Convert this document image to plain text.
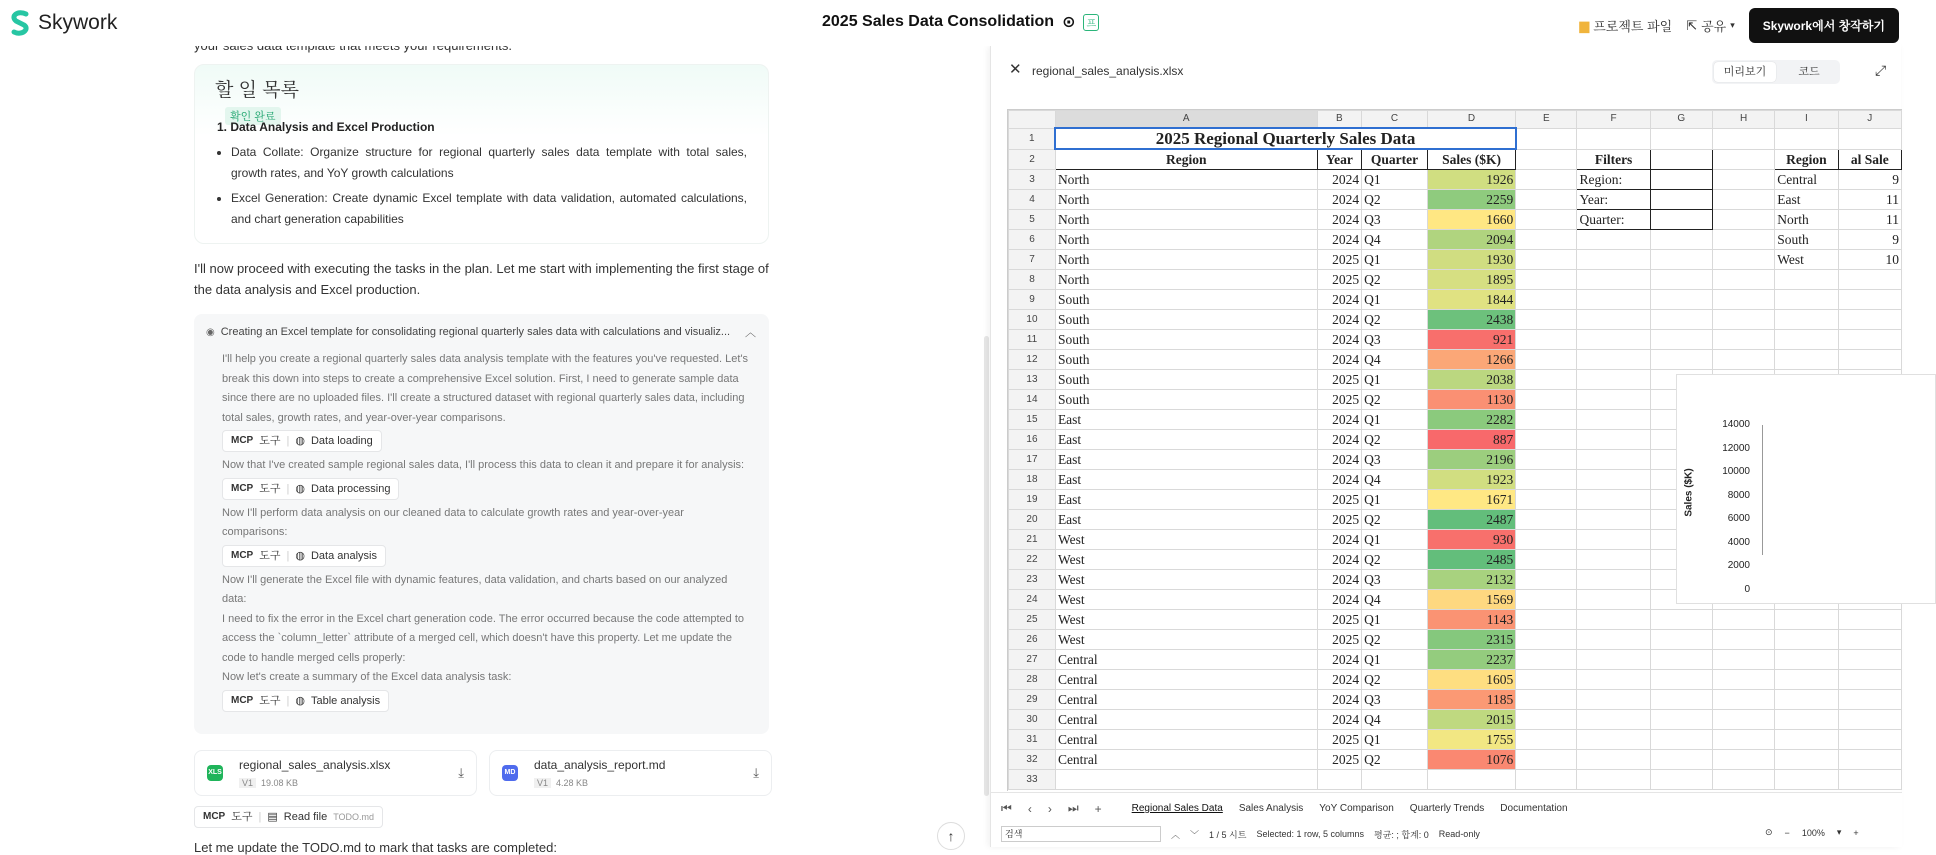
Skywork	2025 Sales Data Consolidation ⊙	프	▆ 프로젝트 파일 ⇱ 공유 ▾	Skywork에서 창작하기
할 일 목록
확인 완료
1. Data Analysis and Excel Production
• Data Collate: Organize structure for regional quarterly sales data template with total sales, growth rates, and YoY growth calculations
• Excel Generation: Create dynamic Excel template with data validation, automated calculations, and chart generation capabilities
I'll now proceed with executing the tasks in the plan. Let me start with implementing the first stage of the data analysis and Excel production.
◉ Creating an Excel template for consolidating regional quarterly sales data with calculations and visualiz...	︿
I'll help you create a regional quarterly sales data analysis template with the features you've requested. Let's break this down into steps to create a comprehensive Excel solution. First, I need to generate sample data since there are no uploaded files. I'll create a structured dataset with regional quarterly sales data, including total sales, growth rates, and year-over-year comparisons.
MCP 도구 | ◍ Data loading
Now that I've created sample regional sales data, I'll process this data to clean it and prepare it for analysis:
MCP 도구 | ◍ Data processing
Now I'll perform data analysis on our cleaned data to calculate growth rates and year-over-year comparisons:
MCP 도구 | ◍ Data analysis
Now I'll generate the Excel file with dynamic features, data validation, and charts based on our analyzed data:
I need to fix the error in the Excel chart generation code. The error occurred because the code attempted to access the `column_letter` attribute of a merged cell, which doesn't have this property. Let me update the code to handle merged cells properly:
Now let's create a summary of the Excel data analysis task:
MCP 도구 | ◍ Table analysis
XLS
regional_sales_analysis.xlsx
V1 19.08 KB
⤓	MD
data_analysis_report.md
V1 4.28 KB
⤓
MCP 도구 | ▤ Read file TODO.md
↑
Let me update the TODO.md to mark that tasks are completed:
✕ regional_sales_analysis.xlsx	미리보기	코드	⤢
	A	B	C	D	E	F	G	H	I	J
1	2025 Regional Quarterly Sales Data									
2	Region	Year	Quarter	Sales ($K)		Filters			Region	al Sale
3	North	2024	Q1	1926		Region:			Central	9
4	North	2024	Q2	2259		Year:			East	11
5	North	2024	Q3	1660		Quarter:			North	11
6	North	2024	Q4	2094					South	9
7	North	2025	Q1	1930					West	10
8	North	2025	Q2	1895						
9	South	2024	Q1	1844						
10	South	2024	Q2	2438						
11	South	2024	Q3	921						
12	South	2024	Q4	1266						
13	South	2025	Q1	2038						
14	South	2025	Q2	1130						
15	East	2024	Q1	2282						
16	East	2024	Q2	887						
17	East	2024	Q3	2196						
18	East	2024	Q4	1923						
19	East	2025	Q1	1671						
20	East	2025	Q2	2487						
21	West	2024	Q1	930						
22	West	2024	Q2	2485						
23	West	2024	Q3	2132						
24	West	2024	Q4	1569						
25	West	2025	Q1	1143						
26	West	2025	Q2	2315						
27	Central	2024	Q1	2237						
28	Central	2024	Q2	1605						
29	Central	2024	Q3	1185						
30	Central	2024	Q4	2015						
31	Central	2025	Q1	1755						
32	Central	2025	Q2	1076						
33										
Sales ($K)
14000
12000
10000
8000
6000
4000
2000
0
⏮ ‹ › ⏭ +	Regional Sales Data Sales Analysis YoY Comparison Quarterly Trends Documentation
검색	︿ ﹀ 1 / 5 시트 Selected: 1 row, 5 columns 평균: ; 합계: 0 Read-only	⊙ − 100% ▾ +
